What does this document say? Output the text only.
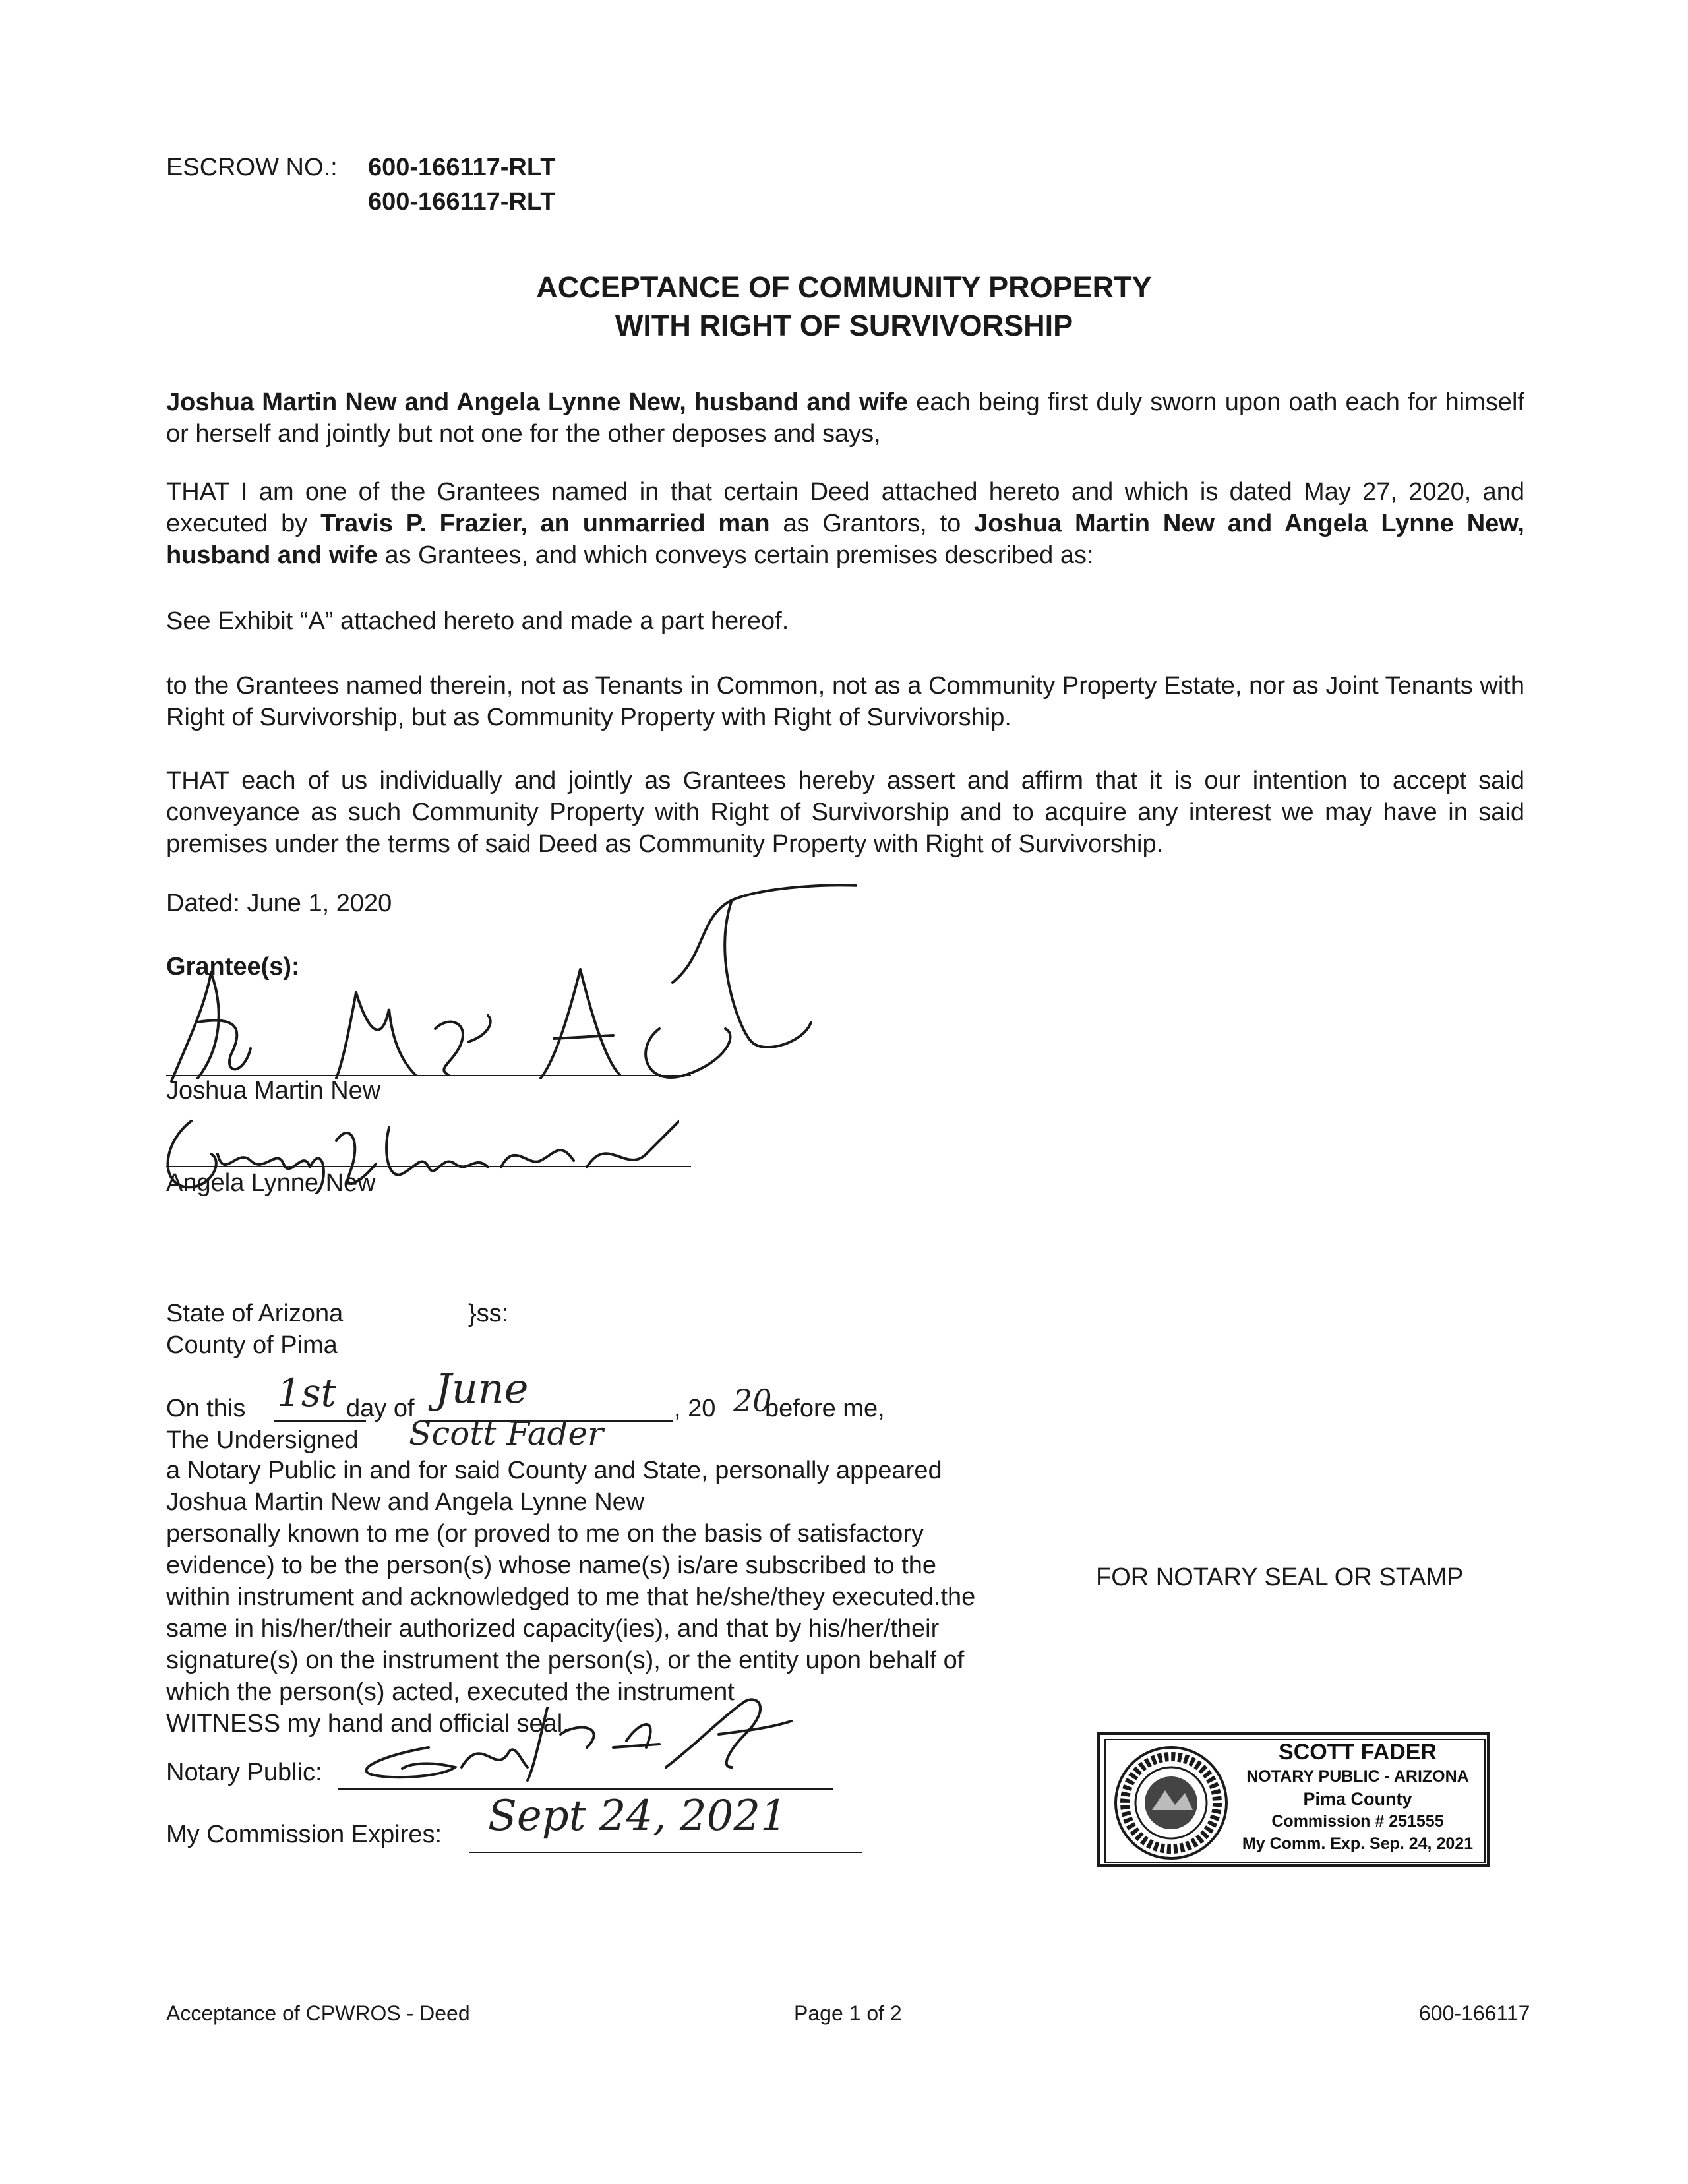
ESCROW NO.: 600-166117-RLT
600-166117-RLT
ACCEPTANCE OF COMMUNITY PROPERTY
WITH RIGHT OF SURVIVORSHIP
Joshua Martin New and Angela Lynne New, husband and wife each being first duly sworn upon oath each for himself or herself and jointly but not one for the other deposes and says,
THAT I am one of the Grantees named in that certain Deed attached hereto and which is dated May 27, 2020, and executed by Travis P. Frazier, an unmarried man as Grantors, to Joshua Martin New and Angela Lynne New, husband and wife as Grantees, and which conveys certain premises described as:
See Exhibit “A” attached hereto and made a part hereof.
to the Grantees named therein, not as Tenants in Common, not as a Community Property Estate, nor as Joint Tenants with Right of Survivorship, but as Community Property with Right of Survivorship.
THAT each of us individually and jointly as Grantees hereby assert and affirm that it is our intention to accept said conveyance as such Community Property with Right of Survivorship and to acquire any interest we may have in said premises under the terms of said Deed as Community Property with Right of Survivorship.
Dated: June 1, 2020
Grantee(s):
Joshua Martin New
Angela Lynne New
State of Arizona	}ss:
County of Pima
On this 1st day of June	, 20 20
before me,
The Undersigned Scott Fader
a Notary Public in and for said County and State, personally appeared
Joshua Martin New and Angela Lynne New
personally known to me (or proved to me on the basis of satisfactory
evidence) to be the person(s) whose name(s) is/are subscribed to the
within instrument and acknowledged to me that he/she/they executed.the
same in his/her/their authorized capacity(ies), and that by his/her/their
signature(s) on the instrument the person(s), or the entity upon behalf of
which the person(s) acted, executed the instrument
WITNESS my hand and official seal.
FOR NOTARY SEAL OR STAMP
Notary Public:
My Commission Expires: Sept 24, 2021
SCOTT FADER
NOTARY PUBLIC - ARIZONA
Pima County
Commission # 251555
My Comm. Exp. Sep. 24, 2021
Acceptance of CPWROS - Deed	Page 1 of 2	600-166117
